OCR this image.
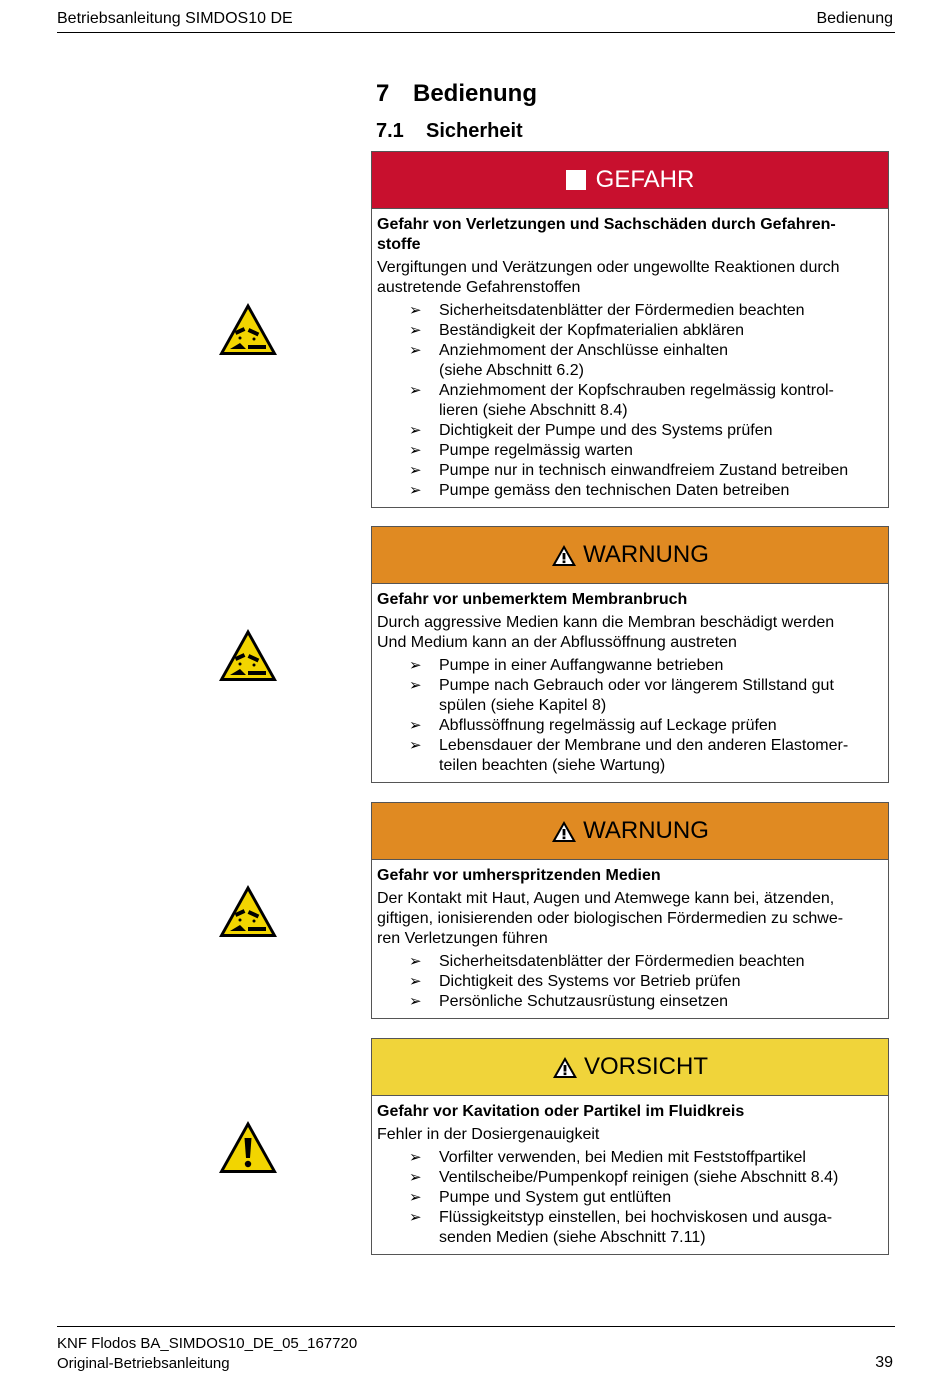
Betriebsanleitung SIMDOS10 DE	Bedienung
7 Bedienung
7.1 Sicherheit
GEFAHR
Gefahr von Verletzungen und Sachschäden durch Gefahren-
stoffe
Vergiftungen und Verätzungen oder ungewollte Reaktionen durch
austretende Gefahrenstoffen
➢ Sicherheitsdatenblätter der Fördermedien beachten
➢ Beständigkeit der Kopfmaterialien abklären
➢ Anziehmoment der Anschlüsse einhalten
(siehe Abschnitt 6.2)
➢ Anziehmoment der Kopfschrauben regelmässig kontrol-
lieren (siehe Abschnitt 8.4)
➢ Dichtigkeit der Pumpe und des Systems prüfen
➢ Pumpe regelmässig warten
➢ Pumpe nur in technisch einwandfreiem Zustand betreiben
➢ Pumpe gemäss den technischen Daten betreiben
WARNUNG
Gefahr vor unbemerktem Membranbruch
Durch aggressive Medien kann die Membran beschädigt werden
Und Medium kann an der Abflussöffnung austreten
➢ Pumpe in einer Auffangwanne betrieben
➢ Pumpe nach Gebrauch oder vor längerem Stillstand gut
spülen (siehe Kapitel 8)
➢ Abflussöffnung regelmässig auf Leckage prüfen
➢ Lebensdauer der Membrane und den anderen Elastomer-
teilen beachten (siehe Wartung)
WARNUNG
Gefahr vor umherspritzenden Medien
Der Kontakt mit Haut, Augen und Atemwege kann bei, ätzenden,
giftigen, ionisierenden oder biologischen Fördermedien zu schwe-
ren Verletzungen führen
➢ Sicherheitsdatenblätter der Fördermedien beachten
➢ Dichtigkeit des Systems vor Betrieb prüfen
➢ Persönliche Schutzausrüstung einsetzen
VORSICHT
Gefahr vor Kavitation oder Partikel im Fluidkreis
Fehler in der Dosiergenauigkeit
➢ Vorfilter verwenden, bei Medien mit Feststoffpartikel
➢ Ventilscheibe/Pumpenkopf reinigen (siehe Abschnitt 8.4)
➢ Pumpe und System gut entlüften
➢ Flüssigkeitstyp einstellen, bei hochviskosen und ausga-
senden Medien (siehe Abschnitt 7.11)
KNF Flodos BA_SIMDOS10_DE_05_167720
Original-Betriebsanleitung	39
